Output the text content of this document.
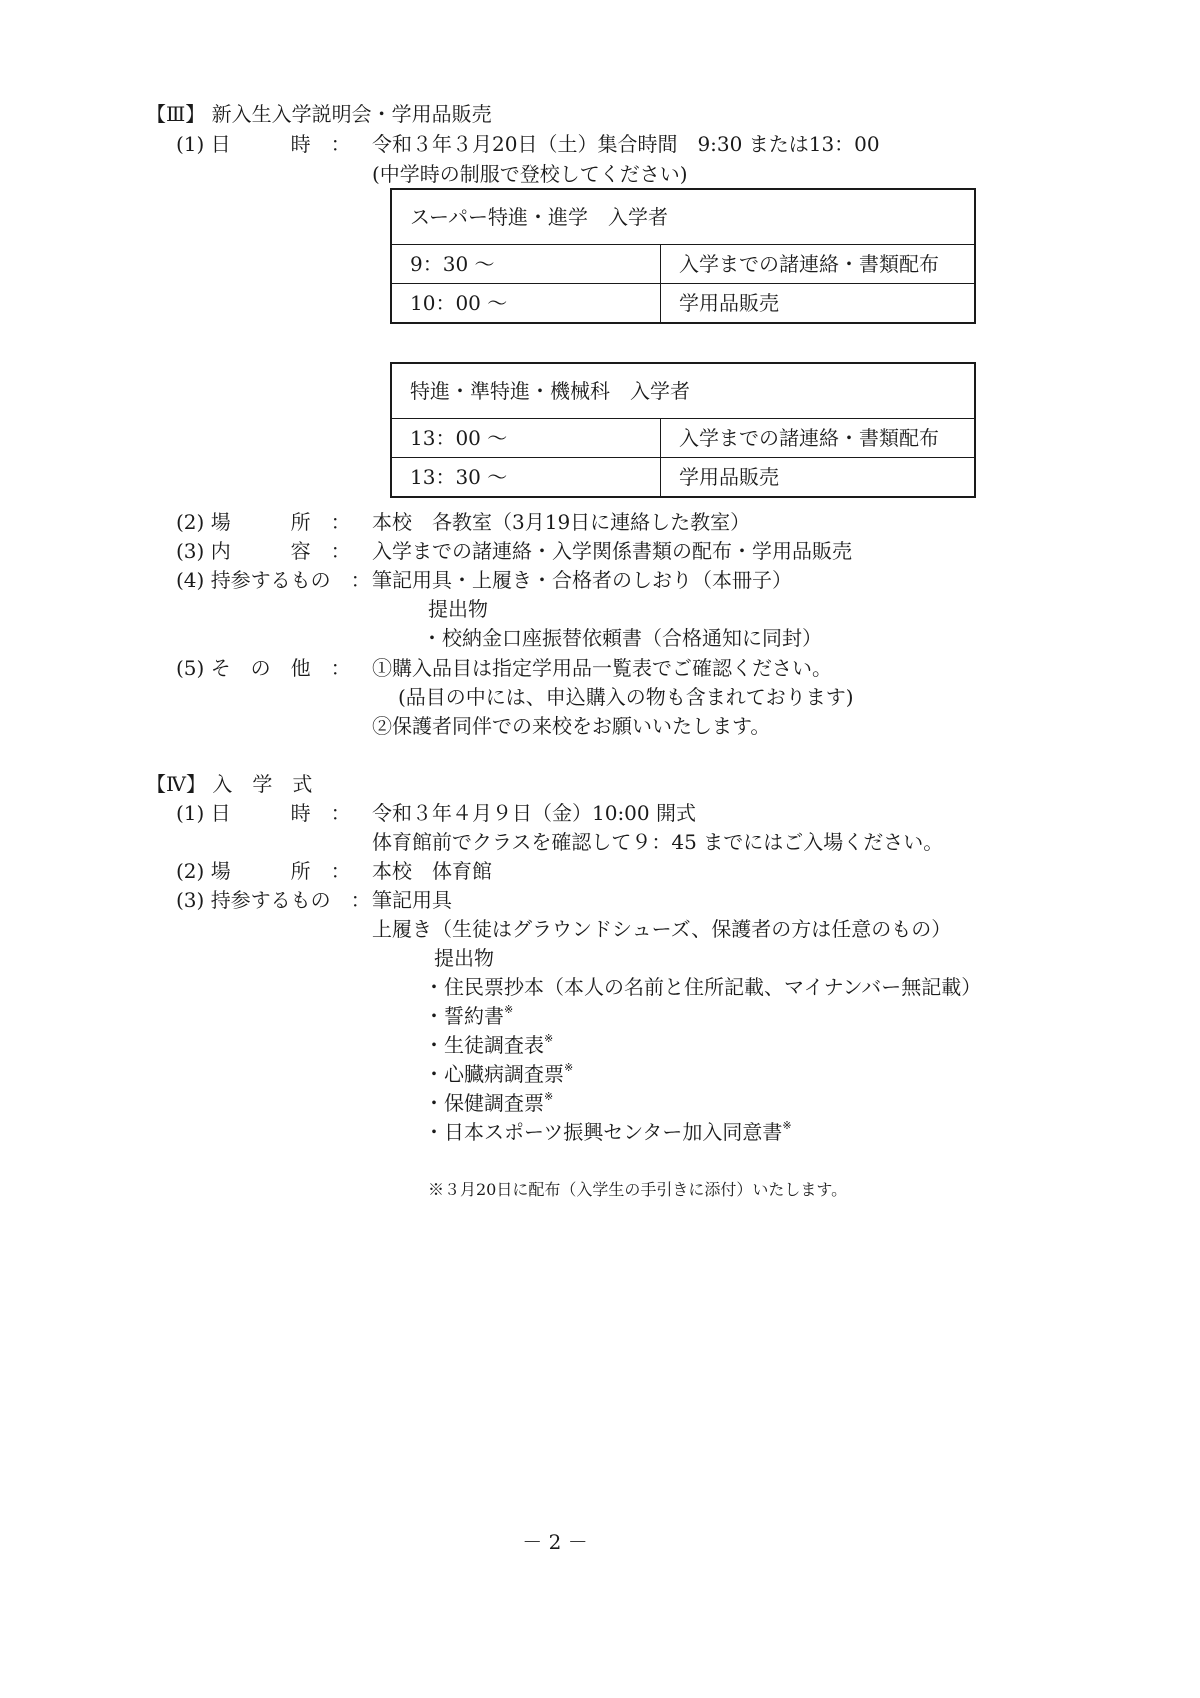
【Ⅲ】 新入生入学説明会・学用品販売
(1) 日　　　時　： 令和３年３月20日（土）集合時間　9:30 または13：00
(中学時の制服で登校してください)
スーパー特進・進学　入学者	
9：30 〜	入学までの諸連絡・書類配布
10：00 〜	学用品販売
特進・準特進・機械科　入学者	
13：00 〜	入学までの諸連絡・書類配布
13：30 〜	学用品販売
(2) 場　　　所　： 本校　各教室（3月19日に連絡した教室）
(3) 内　　　容　： 入学までの諸連絡・入学関係書類の配布・学用品販売
(4) 持参するもの　： 筆記用具・上履き・合格者のしおり（本冊子）
提出物
・校納金口座振替依頼書（合格通知に同封）
(5) そ　の　他　： ①購入品目は指定学用品一覧表でご確認ください。
(品目の中には、申込購入の物も含まれております)
②保護者同伴での来校をお願いいたします。
【Ⅳ】 入　学　式
(1) 日　　　時　： 令和３年４月９日（金）10:00 開式
体育館前でクラスを確認して９：45 までにはご入場ください。
(2) 場　　　所　： 本校　体育館
(3) 持参するもの　： 筆記用具
上履き（生徒はグラウンドシューズ、保護者の方は任意のもの）
提出物
・住民票抄本（本人の名前と住所記載、マイナンバー無記載）
・誓約書※
・生徒調査表※
・心臓病調査票※
・保健調査票※
・日本スポーツ振興センター加入同意書※
※３月20日に配布（入学生の手引きに添付）いたします。
－ 2 －
